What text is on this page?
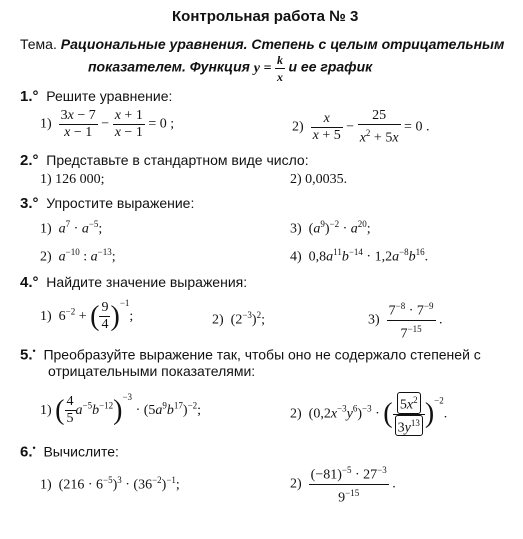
Контрольная работа № 3
Тема. Рациональные уравнения. Степень с целым отрицательным
показателем. Функция $y = \frac{k}{x}$ и ее график
1.° Решите уравнение:
$1) \frac{3x - 7}{x - 1} - \frac{x + 1}{x - 1} = 0$ ;	$2) \frac{x}{x + 5} - \frac{25}{x^2 + 5x} = 0$ .
2.° Представьте в стандартном виде число:
1) 126 000;	2) 0,0035.
3.° Упростите выражение:
1)  $a^7 \cdot a^{-5}$;	3)  $(a^9)^{-2} \cdot a^{20}$;
2)  $a^{-10}$ : $a^{-13}$;	4)  $0,8a^{11}b^{-14} \cdot 1,2a^{-8}b^{16}$.
4.° Найдите значение выражения:
1)  $6^{-2}$ + ( $\frac{9}{4} )^{-1}$;	2)  $(2^{-3})^2$;	$3) \frac{7^{-8} \cdot 7^{-9}}{7^{-15}}$ .
5.• Преобразуйте выражение так, чтобы оно не содержало степеней с
отрицательными показателями:
1) ( $\frac{4}{5} a^{-5}b^{-12})^{-3} \cdot (5a^9b^{17})^{-2}$;	2)  $(0,2x^{-3}y^6)^{-3}$ · ( $\frac{5x^2}{3y^{13}} )^{-2}$.
6.• Вычислите:
1)  $(216 \cdot 6^{-5})^3 \cdot (36^{-2})^{-1}$;	$2) \frac{(-81)^{-5} \cdot 27^{-3}}{9^{-15}}$ .
